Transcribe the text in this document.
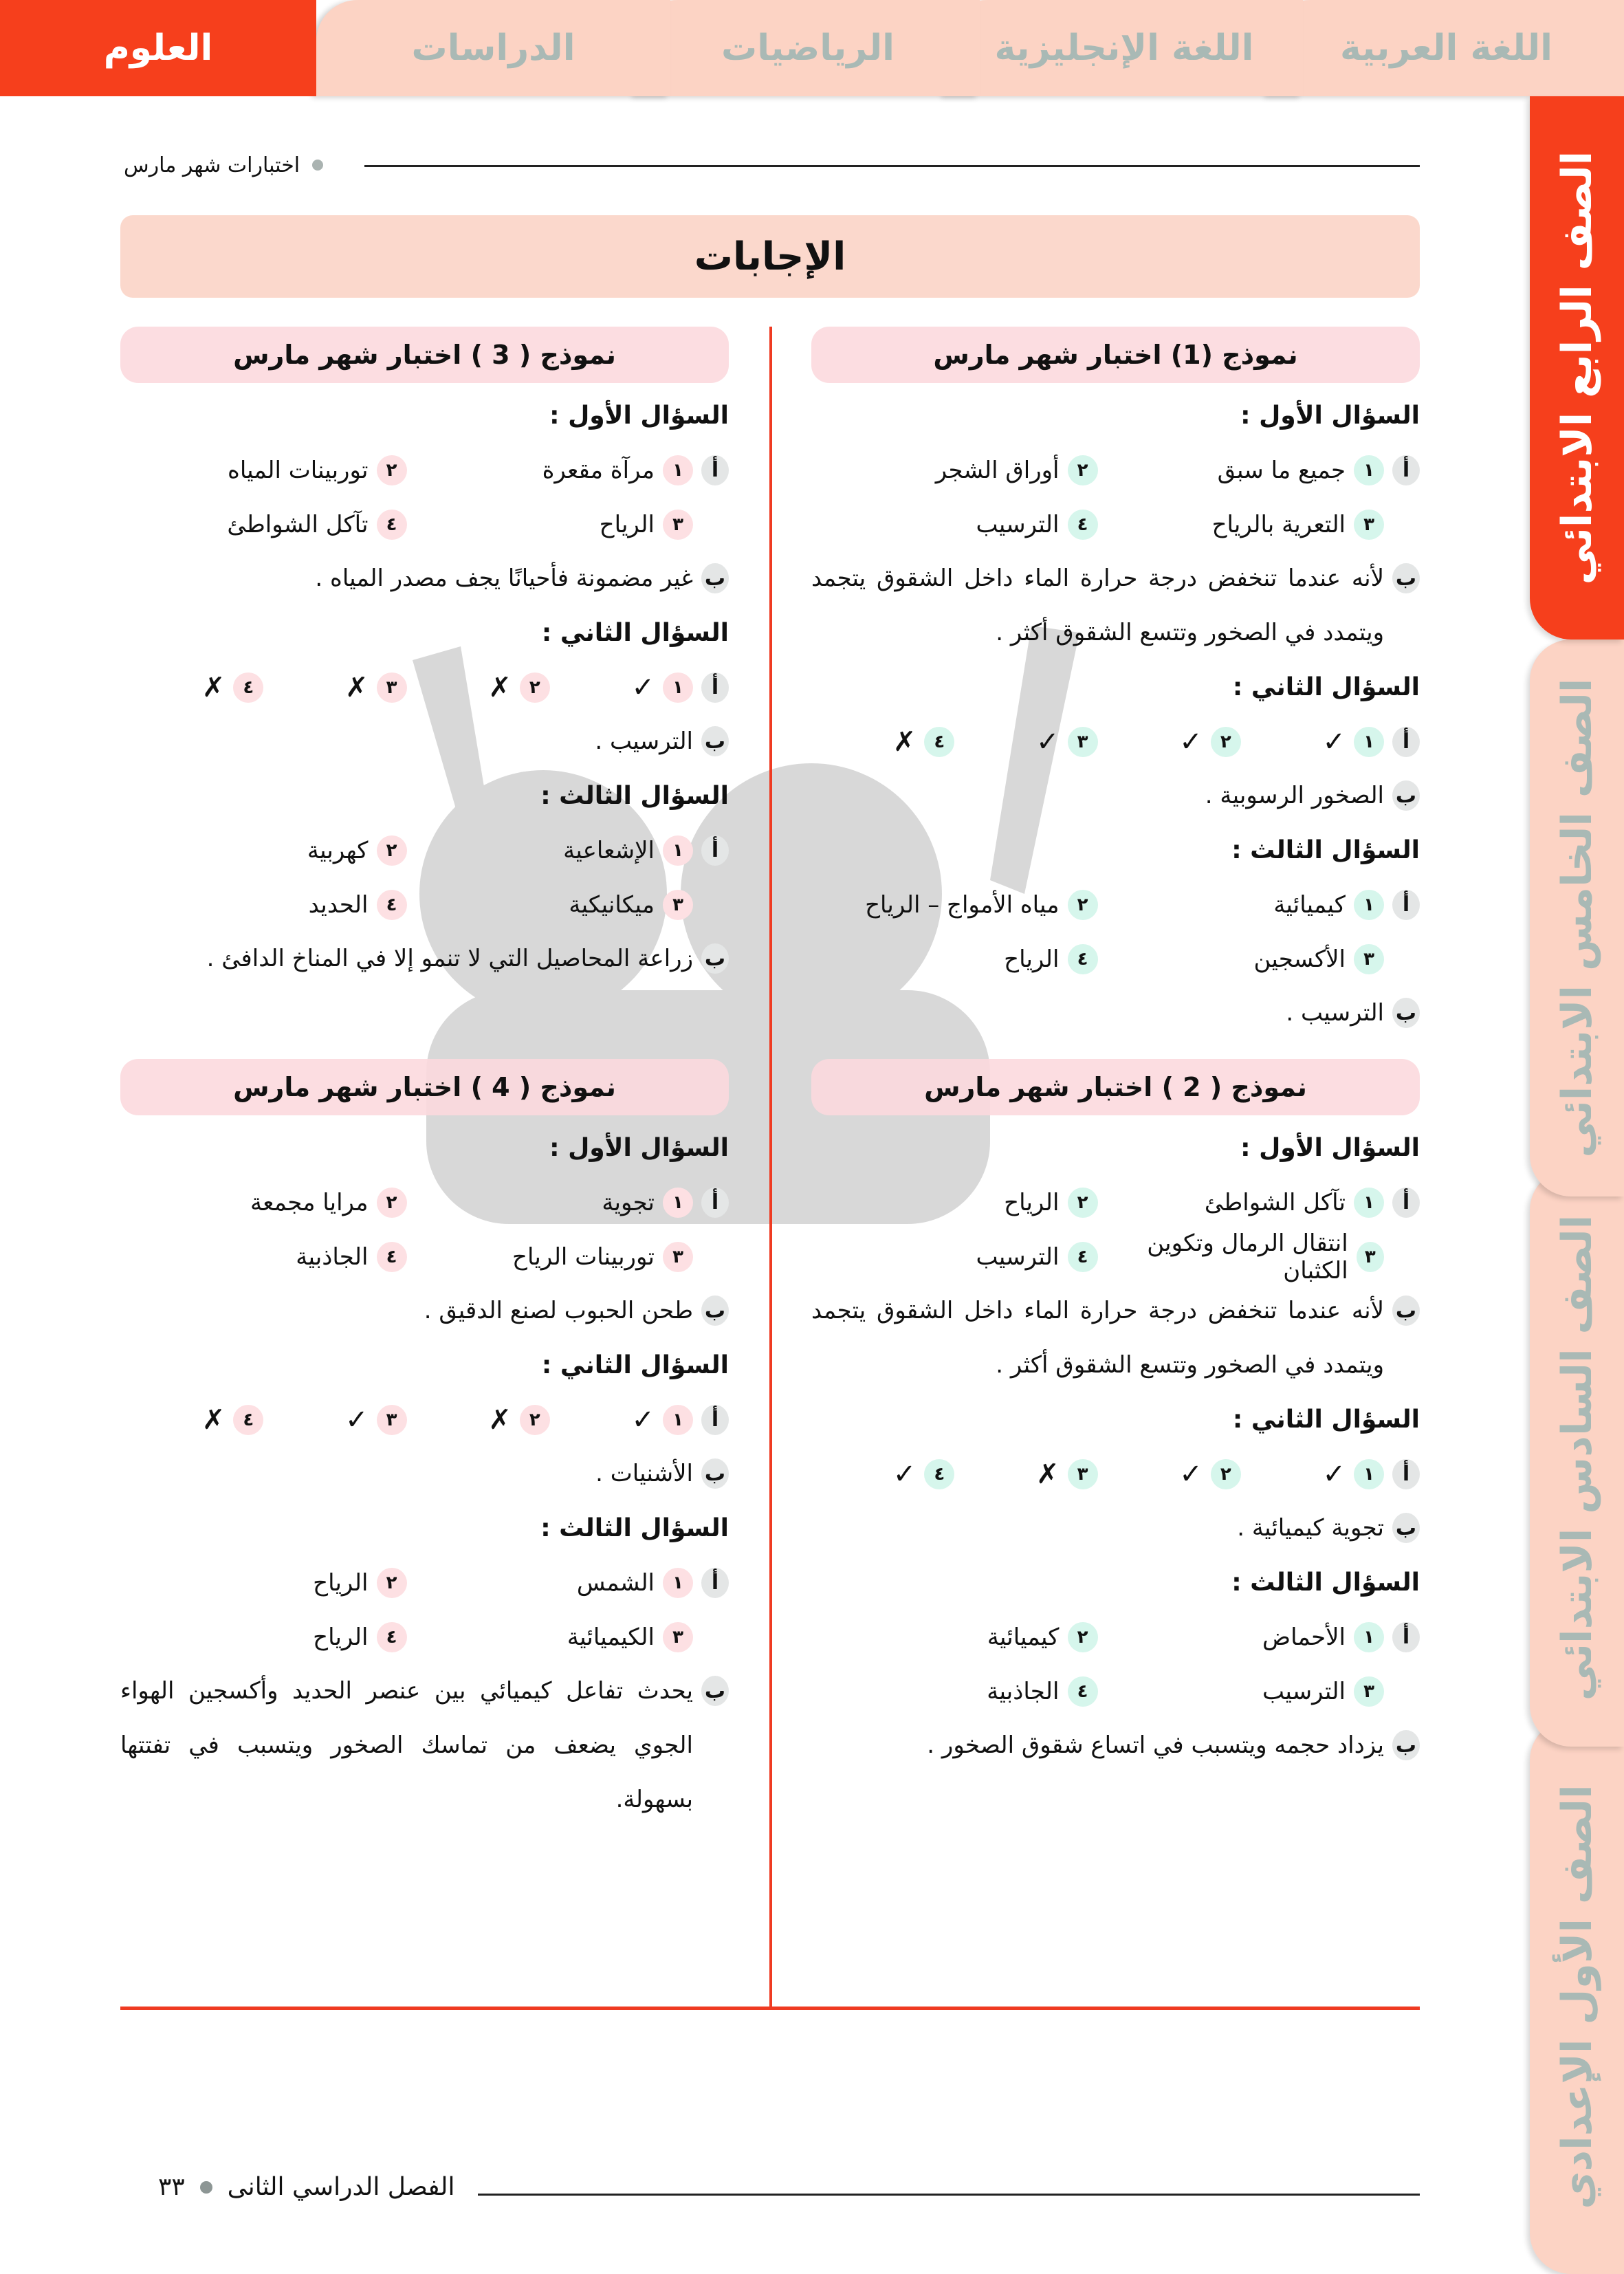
اللغة العربية
اللغة الإنجليزية
الرياضيات
الدراسات
العلوم
الصف الأول الإعدادي
الصف السادس الابتدائي
الصف الخامس الابتدائي
الصف الرابع الابتدائي
اختبارات شهر مارس
الإجابات
نموذج (1) اختبار شهر مارس
السؤال الأول :
أ
١
جميع ما سبق
٢
أوراق الشجر
٣
التعرية بالرياح
٤
الترسيب
ب
لأنه عندما تنخفض درجة حرارة الماء داخل الشقوق يتجمد ويتمدد في الصخور وتتسع الشقوق أكثر .
السؤال الثاني :
أ
١
✓
٢
✓
٣
✓
٤
✗
ب
الصخور الرسوبية .
السؤال الثالث :
أ
١
كيميائية
٢
مياه الأمواج – الرياح
٣
الأكسجين
٤
الرياح
ب
الترسيب .
نموذج ( 2 ) اختبار شهر مارس
السؤال الأول :
أ
١
تآكل الشواطئ
٢
الرياح
٣
انتقال الرمال وتكوين الكثبان
٤
الترسيب
ب
لأنه عندما تنخفض درجة حرارة الماء داخل الشقوق يتجمد ويتمدد في الصخور وتتسع الشقوق أكثر .
السؤال الثاني :
أ
١
✓
٢
✓
٣
✗
٤
✓
ب
تجوية كيميائية .
السؤال الثالث :
أ
١
الأحماض
٢
كيميائية
٣
الترسيب
٤
الجاذبية
ب
يزداد حجمه ويتسبب في اتساع شقوق الصخور .
نموذج ( 3 ) اختبار شهر مارس
السؤال الأول :
أ
١
مرآة مقعرة
٢
توربينات المياه
٣
الرياح
٤
تآكل الشواطئ
ب
غير مضمونة فأحيانًا يجف مصدر المياه .
السؤال الثاني :
أ
١
✓
٢
✗
٣
✗
٤
✗
ب
الترسيب .
السؤال الثالث :
أ
١
الإشعاعية
٢
كهربية
٣
ميكانيكية
٤
الحديد
ب
زراعة المحاصيل التي لا تنمو إلا في المناخ الدافئ .
نموذج ( 4 ) اختبار شهر مارس
السؤال الأول :
أ
١
تجوية
٢
مرايا مجمعة
٣
توربينات الرياح
٤
الجاذبية
ب
طحن الحبوب لصنع الدقيق .
السؤال الثاني :
أ
١
✓
٢
✗
٣
✓
٤
✗
ب
الأشنيات .
السؤال الثالث :
أ
١
الشمس
٢
الرياح
٣
الكيميائية
٤
الرياح
ب
يحدث تفاعل كيميائي بين عنصر الحديد وأكسجين الهواء الجوي يضعف من تماسك الصخور ويتسبب في تفتتها بسهولة.
الفصل الدراسي الثانى
٣٣
